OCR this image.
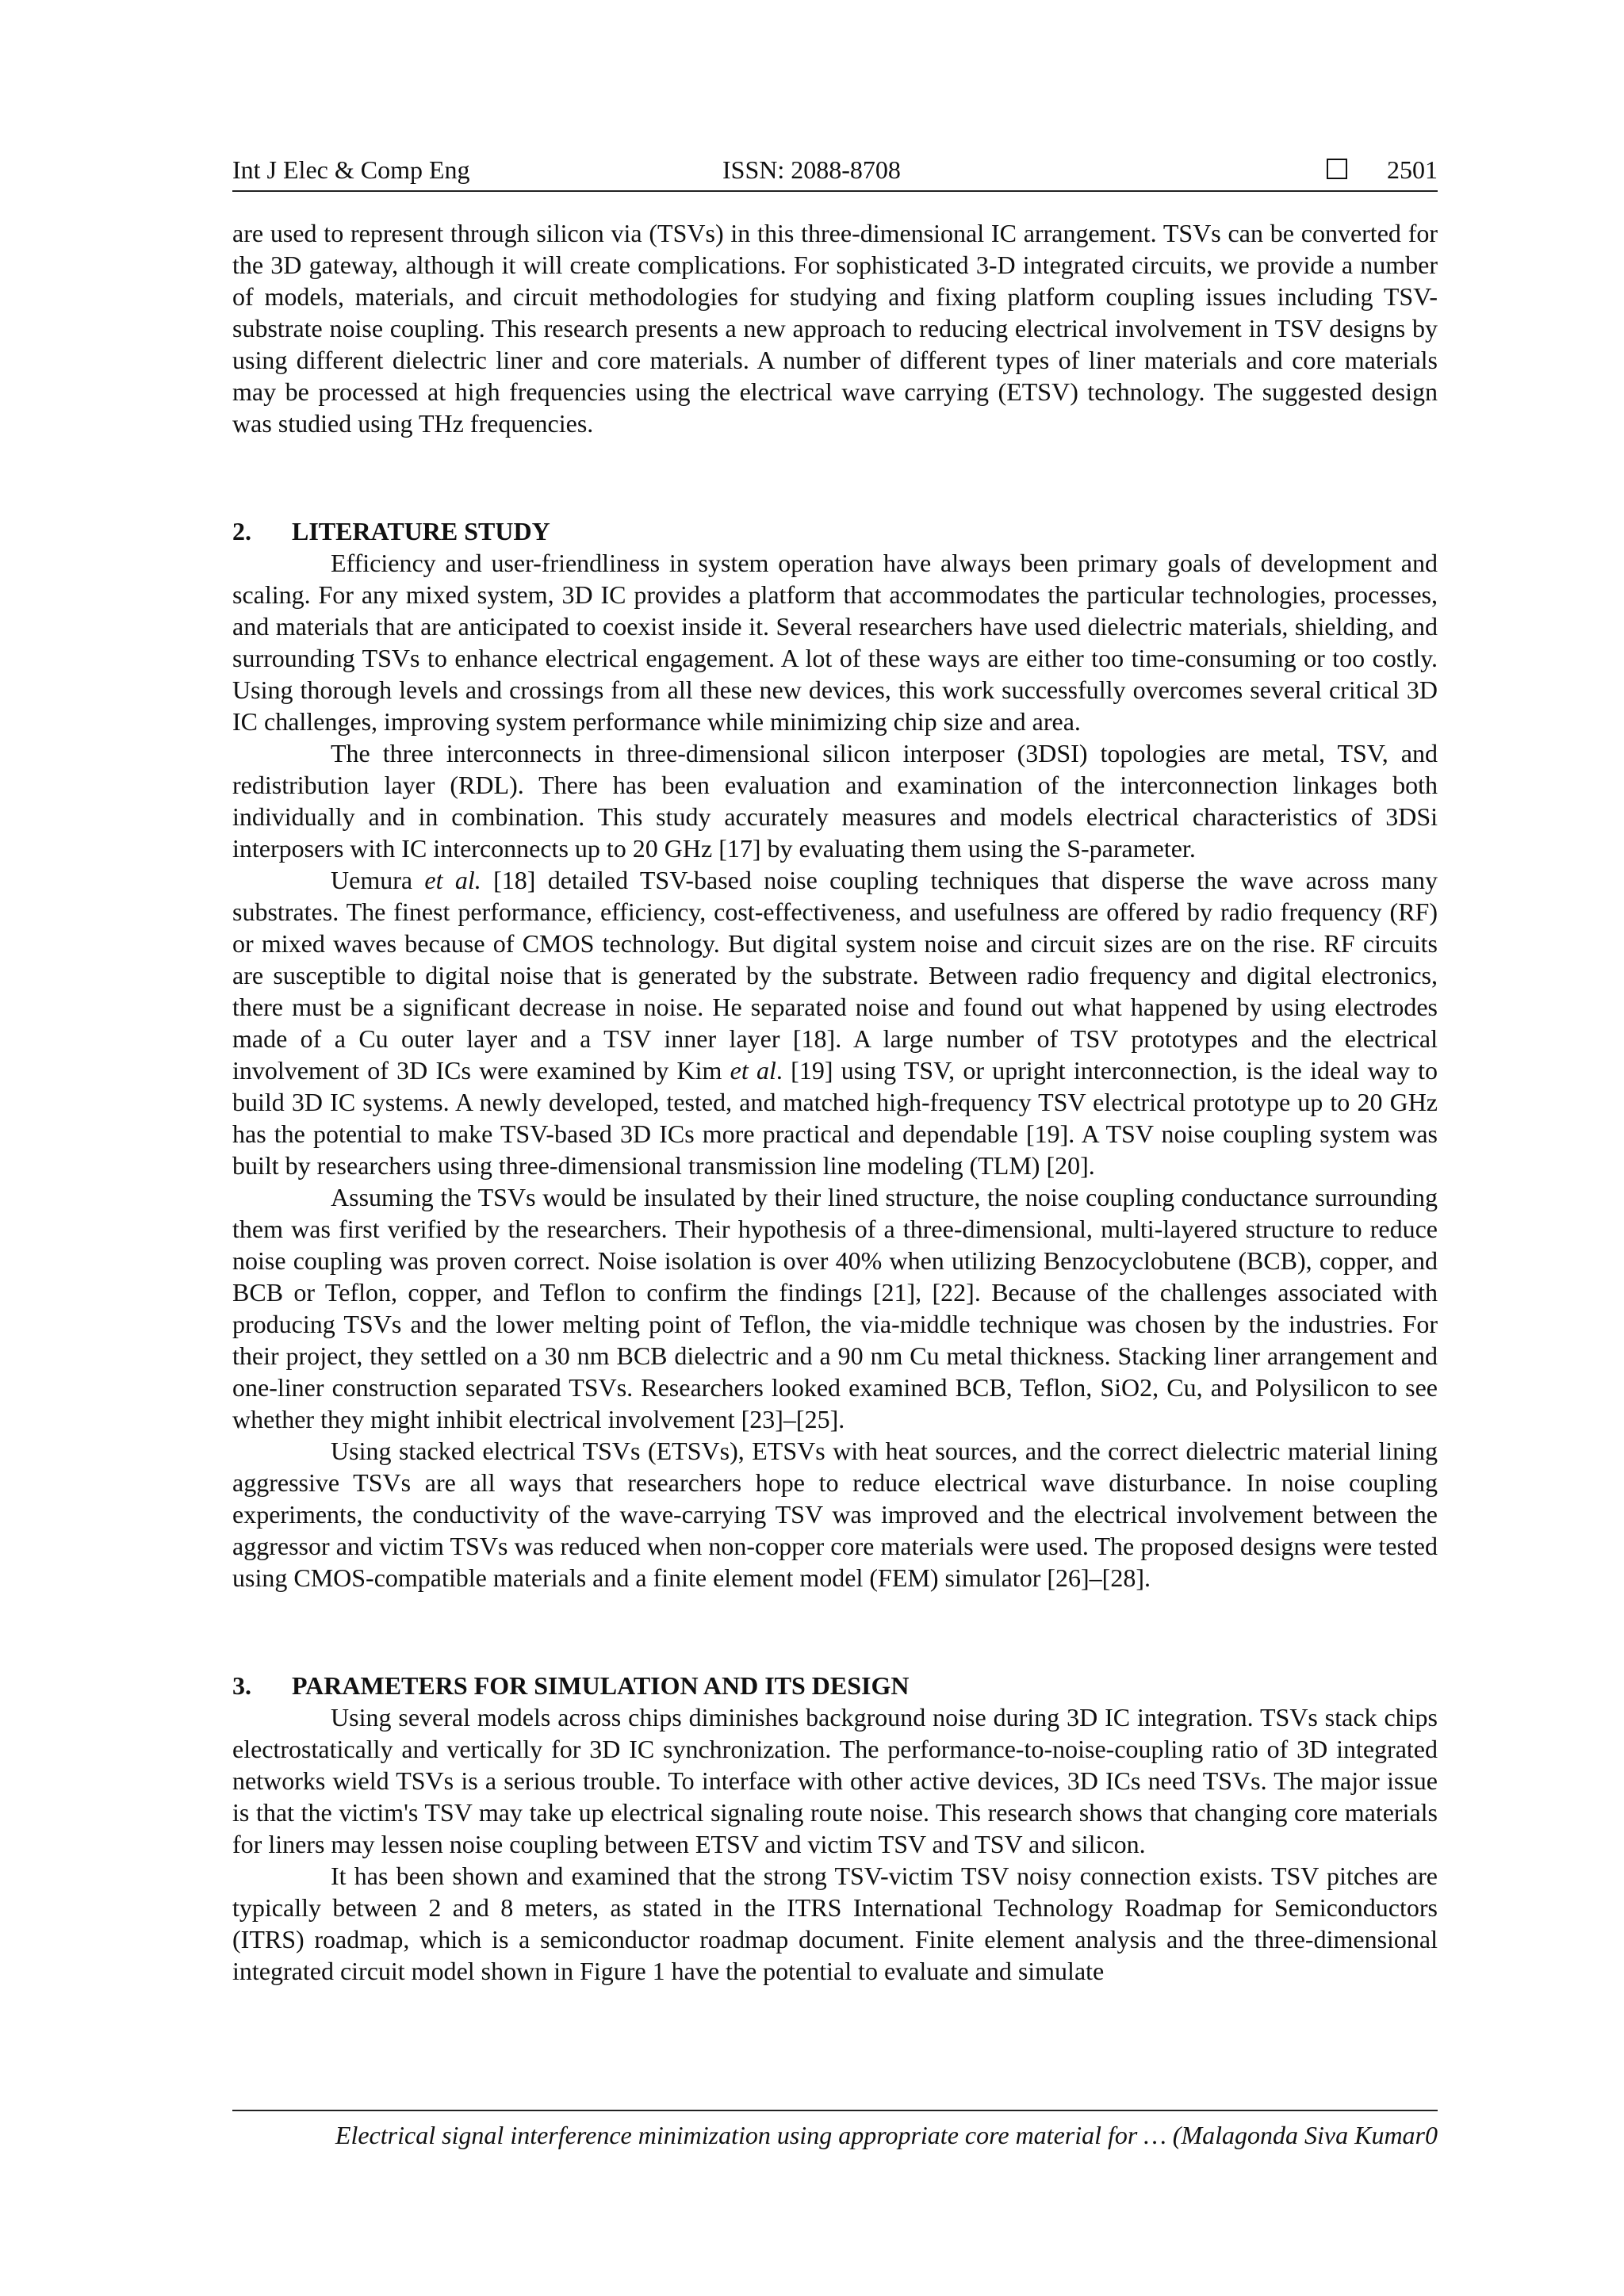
Int J Elec & Comp Eng	ISSN: 2088-8708	2501

are used to represent through silicon via (TSVs) in this three-dimensional IC arrangement. TSVs can be converted for the 3D gateway, although it will create complications. For sophisticated 3-D integrated circuits, we provide a number of models, materials, and circuit methodologies for studying and fixing platform coupling issues including TSV-substrate noise coupling. This research presents a new approach to reducing electrical involvement in TSV designs by using different dielectric liner and core materials. A number of different types of liner materials and core materials may be processed at high frequencies using the electrical wave carrying (ETSV) technology. The suggested design was studied using THz frequencies.

2. LITERATURE STUDY

Efficiency and user-friendliness in system operation have always been primary goals of development and scaling. For any mixed system, 3D IC provides a platform that accommodates the particular technologies, processes, and materials that are anticipated to coexist inside it. Several researchers have used dielectric materials, shielding, and surrounding TSVs to enhance electrical engagement. A lot of these ways are either too time-consuming or too costly. Using thorough levels and crossings from all these new devices, this work successfully overcomes several critical 3D IC challenges, improving system performance while minimizing chip size and area.

The three interconnects in three-dimensional silicon interposer (3DSI) topologies are metal, TSV, and redistribution layer (RDL). There has been evaluation and examination of the interconnection linkages both individually and in combination. This study accurately measures and models electrical characteristics of 3DSi interposers with IC interconnects up to 20 GHz [17] by evaluating them using the S-parameter.

Uemura et al. [18] detailed TSV-based noise coupling techniques that disperse the wave across many substrates. The finest performance, efficiency, cost-effectiveness, and usefulness are offered by radio frequency (RF) or mixed waves because of CMOS technology. But digital system noise and circuit sizes are on the rise. RF circuits are susceptible to digital noise that is generated by the substrate. Between radio frequency and digital electronics, there must be a significant decrease in noise. He separated noise and found out what happened by using electrodes made of a Cu outer layer and a TSV inner layer [18]. A large number of TSV prototypes and the electrical involvement of 3D ICs were examined by Kim et al. [19] using TSV, or upright interconnection, is the ideal way to build 3D IC systems. A newly developed, tested, and matched high-frequency TSV electrical prototype up to 20 GHz has the potential to make TSV-based 3D ICs more practical and dependable [19]. A TSV noise coupling system was built by researchers using three-dimensional transmission line modeling (TLM) [20].

Assuming the TSVs would be insulated by their lined structure, the noise coupling conductance surrounding them was first verified by the researchers. Their hypothesis of a three-dimensional, multi-layered structure to reduce noise coupling was proven correct. Noise isolation is over 40% when utilizing Benzocyclobutene (BCB), copper, and BCB or Teflon, copper, and Teflon to confirm the findings [21], [22]. Because of the challenges associated with producing TSVs and the lower melting point of Teflon, the via-middle technique was chosen by the industries. For their project, they settled on a 30 nm BCB dielectric and a 90 nm Cu metal thickness. Stacking liner arrangement and one-liner construction separated TSVs. Researchers looked examined BCB, Teflon, SiO2, Cu, and Polysilicon to see whether they might inhibit electrical involvement [23]–[25].

Using stacked electrical TSVs (ETSVs), ETSVs with heat sources, and the correct dielectric material lining aggressive TSVs are all ways that researchers hope to reduce electrical wave disturbance. In noise coupling experiments, the conductivity of the wave-carrying TSV was improved and the electrical involvement between the aggressor and victim TSVs was reduced when non-copper core materials were used. The proposed designs were tested using CMOS-compatible materials and a finite element model (FEM) simulator [26]–[28].

3. PARAMETERS FOR SIMULATION AND ITS DESIGN

Using several models across chips diminishes background noise during 3D IC integration. TSVs stack chips electrostatically and vertically for 3D IC synchronization. The performance-to-noise-coupling ratio of 3D integrated networks wield TSVs is a serious trouble. To interface with other active devices, 3D ICs need TSVs. The major issue is that the victim's TSV may take up electrical signaling route noise. This research shows that changing core materials for liners may lessen noise coupling between ETSV and victim TSV and TSV and silicon.

It has been shown and examined that the strong TSV-victim TSV noisy connection exists. TSV pitches are typically between 2 and 8 meters, as stated in the ITRS International Technology Roadmap for Semiconductors (ITRS) roadmap, which is a semiconductor roadmap document. Finite element analysis and the three-dimensional integrated circuit model shown in Figure 1 have the potential to evaluate and simulate

Electrical signal interference minimization using appropriate core material for … (Malagonda Siva Kumar0
